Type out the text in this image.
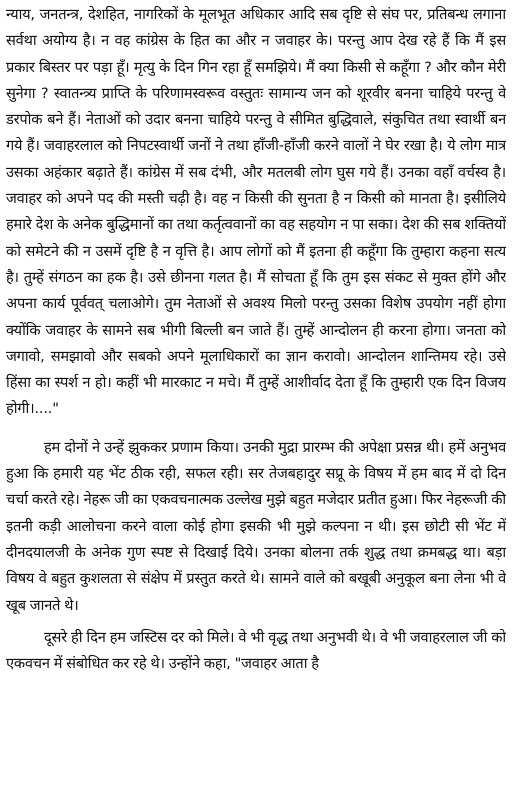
न्याय, जनतन्त्र, देशहित, नागरिकों के मूलभूत अधिकार आदि सब दृष्टि से संघ पर, प्रतिबन्ध लगाना सर्वथा अयोग्य है। न वह कांग्रेस के हित का और न जवाहर के। परन्तु आप देख रहे हैं कि मैं इस प्रकार बिस्तर पर पड़ा हूँ। मृत्यु के दिन गिन रहा हूँ समझिये। मैं क्या किसी से कहूँगा ? और कौन मेरी सुनेगा ? स्वातन्त्र्य प्राप्ति के परिणामस्वरूव वस्तुतः सामान्य जन को शूरवीर बनना चाहिये परन्तु वे डरपोक बने हैं। नेताओं को उदार बनना चाहिये परन्तु वे सीमित बुद्धिवाले, संकुचित तथा स्वार्थी बन गये हैं। जवाहरलाल को निपटस्वार्थी जनों ने तथा हाँजी-हाँजी करने वालों ने घेर रखा है। ये लोग मात्र उसका अहंकार बढ़ाते हैं। कांग्रेस में सब दंभी, और मतलबी लोग घुस गये हैं। उनका वहाँ वर्चस्व है। जवाहर को अपने पद की मस्ती चढ़ी है। वह न किसी की सुनता है न किसी को मानता है। इसीलिये हमारे देश के अनेक बुद्धिमानों का तथा कर्तृत्ववानों का वह सहयोग न पा सका। देश की सब शक्तियों को समेटने की न उसमें दृष्टि है न वृत्ति है। आप लोगों को मैं इतना ही कहूँगा कि तुम्हारा कहना सत्य है। तुम्हें संगठन का हक है। उसे छीनना गलत है। मैं सोचता हूँ कि तुम इस संकट से मुक्त होंगे और अपना कार्य पूर्ववत् चलाओगे। तुम नेताओं से अवश्य मिलो परन्तु उसका विशेष उपयोग नहीं होगा क्योंकि जवाहर के सामने सब भीगी बिल्ली बन जाते हैं। तुम्हें आन्दोलन ही करना होगा। जनता को जगावो, समझावो और सबको अपने मूलाधिकारों का ज्ञान करावो। आन्दोलन शान्तिमय रहे। उसे हिंसा का स्पर्श न हो। कहीं भी मारकाट न मचे। मैं तुम्हें आशीर्वाद देता हूँ कि तुम्हारी एक दिन विजय होगी।...."

हम दोनों ने उन्हें झुककर प्रणाम किया। उनकी मुद्रा प्रारम्भ की अपेक्षा प्रसन्न थी। हमें अनुभव हुआ कि हमारी यह भेंट ठीक रही, सफल रही। सर तेजबहादुर सप्रू के विषय में हम बाद में दो दिन चर्चा करते रहे। नेहरू जी का एकवचनात्मक उल्लेख मुझे बहुत मजेदार प्रतीत हुआ। फिर नेहरूजी की इतनी कड़ी आलोचना करने वाला कोई होगा इसकी भी मुझे कल्पना न थी। इस छोटी सी भेंट में दीनदयालजी के अनेक गुण स्पष्ट से दिखाई दिये। उनका बोलना तर्क शुद्ध तथा क्रमबद्ध था। बड़ा विषय वे बहुत कुशलता से संक्षेप में प्रस्तुत करते थे। सामने वाले को बखूबी अनुकूल बना लेना भी वे खूब जानते थे।

दूसरे ही दिन हम जस्टिस दर को मिले। वे भी वृद्ध तथा अनुभवी थे। वे भी जवाहरलाल जी को एकवचन में संबोधित कर रहे थे। उन्होंने कहा, "जवाहर आता है
